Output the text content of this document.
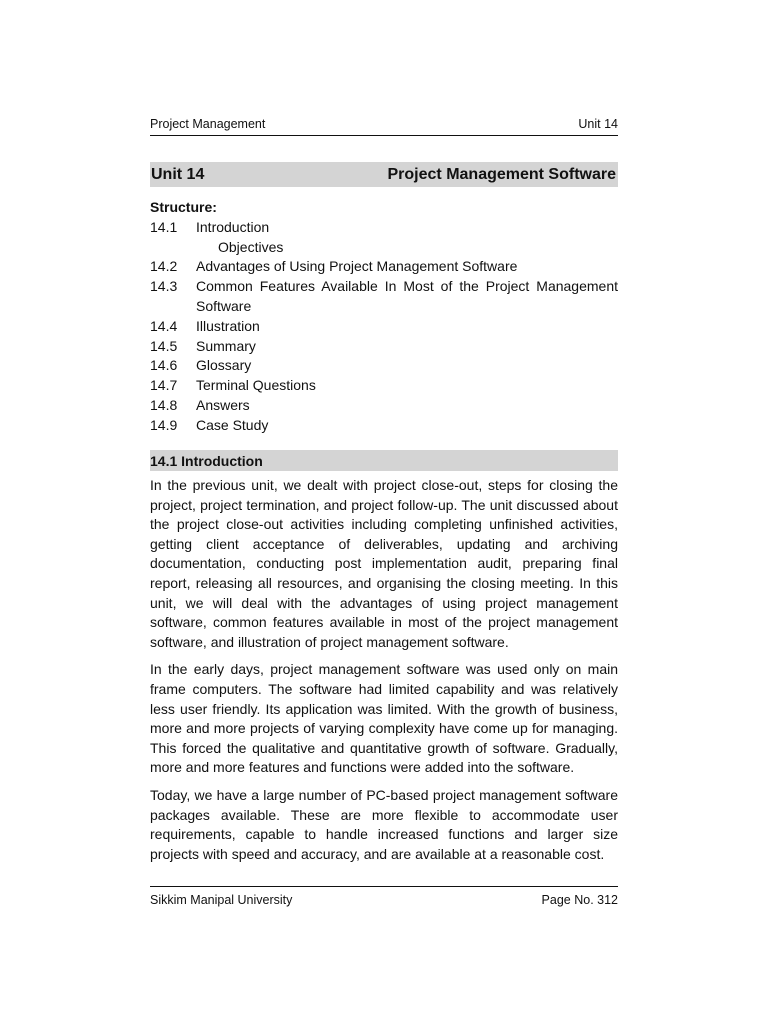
Project Management	Unit 14
Unit 14	Project Management Software
Structure:
14.1	Introduction
Objectives
14.2	Advantages of Using Project Management Software
14.3	Common Features Available In Most of the Project Management Software
14.4	Illustration
14.5	Summary
14.6	Glossary
14.7	Terminal Questions
14.8	Answers
14.9	Case Study
14.1 Introduction

In the previous unit, we dealt with project close-out, steps for closing the project, project termination, and project follow-up. The unit discussed about the project close-out activities including completing unfinished activities, getting client acceptance of deliverables, updating and archiving documentation, conducting post implementation audit, preparing final report, releasing all resources, and organising the closing meeting. In this unit, we will deal with the advantages of using project management software, common features available in most of the project management software, and illustration of project management software.

In the early days, project management software was used only on main frame computers. The software had limited capability and was relatively less user friendly. Its application was limited. With the growth of business, more and more projects of varying complexity have come up for managing. This forced the qualitative and quantitative growth of software. Gradually, more and more features and functions were added into the software.

Today, we have a large number of PC-based project management software packages available. These are more flexible to accommodate user requirements, capable to handle increased functions and larger size projects with speed and accuracy, and are available at a reasonable cost.

Sikkim Manipal University	Page No. 312
